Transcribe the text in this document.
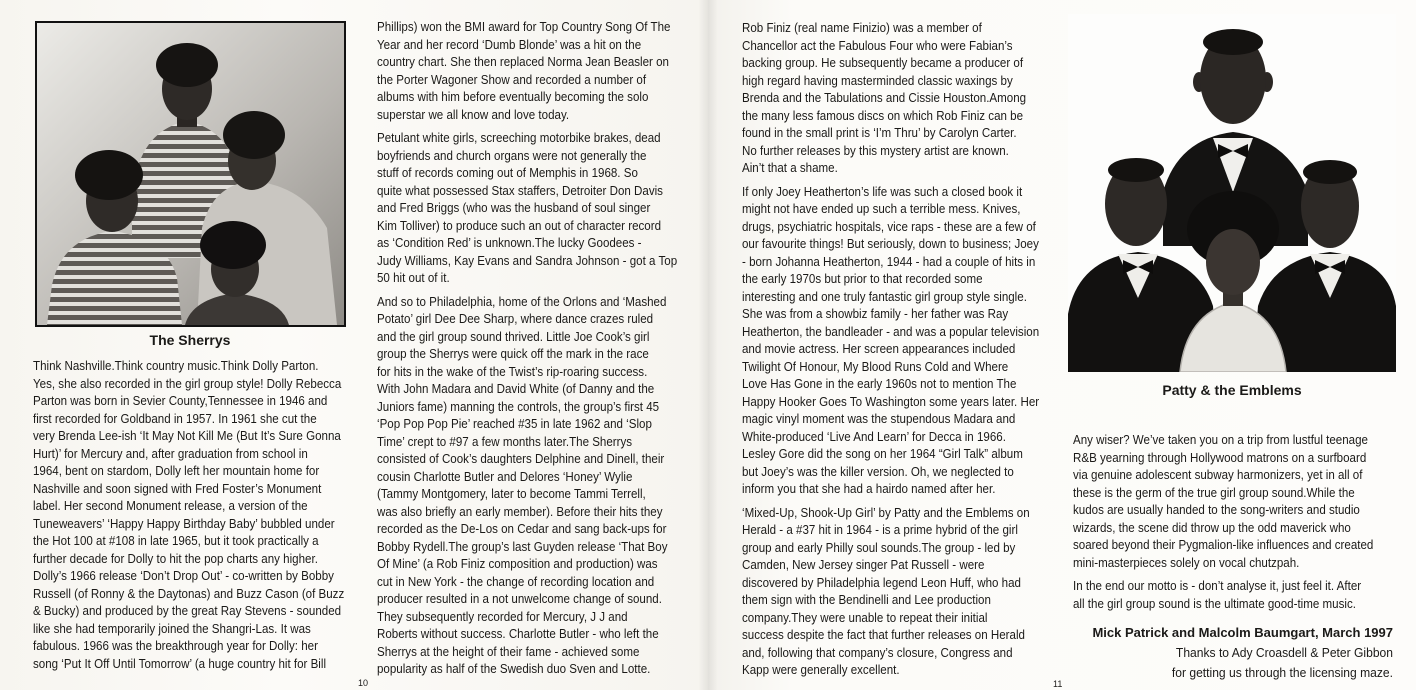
The Sherrys
Think Nashville.Think country music.Think Dolly Parton.
Yes, she also recorded in the girl group style! Dolly Rebecca
Parton was born in Sevier County,Tennessee in 1946 and
first recorded for Goldband in 1957. In 1961 she cut the
very Brenda Lee-ish ‘It May Not Kill Me (But It’s Sure Gonna
Hurt)’ for Mercury and, after graduation from school in
1964, bent on stardom, Dolly left her mountain home for
Nashville and soon signed with Fred Foster’s Monument
label. Her second Monument release, a version of the
Tuneweavers’ ‘Happy Happy Birthday Baby’ bubbled under
the Hot 100 at #108 in late 1965, but it took practically a
further decade for Dolly to hit the pop charts any higher.
Dolly’s 1966 release ‘Don’t Drop Out’ - co-written by Bobby
Russell (of Ronny & the Daytonas) and Buzz Cason (of Buzz
& Bucky) and produced by the great Ray Stevens - sounded
like she had temporarily joined the Shangri-Las. It was
fabulous. 1966 was the breakthrough year for Dolly: her
song ‘Put It Off Until Tomorrow’ (a huge country hit for Bill
Phillips) won the BMI award for Top Country Song Of The
Year and her record ‘Dumb Blonde’ was a hit on the
country chart. She then replaced Norma Jean Beasler on
the Porter Wagoner Show and recorded a number of
albums with him before eventually becoming the solo
superstar we all know and love today.
Petulant white girls, screeching motorbike brakes, dead
boyfriends and church organs were not generally the
stuff of records coming out of Memphis in 1968. So
quite what possessed Stax staffers, Detroiter Don Davis
and Fred Briggs (who was the husband of soul singer
Kim Tolliver) to produce such an out of character record
as ‘Condition Red’ is unknown.The lucky Goodees -
Judy Williams, Kay Evans and Sandra Johnson - got a Top
50 hit out of it.
And so to Philadelphia, home of the Orlons and ‘Mashed
Potato’ girl Dee Dee Sharp, where dance crazes ruled
and the girl group sound thrived. Little Joe Cook’s girl
group the Sherrys were quick off the mark in the race
for hits in the wake of the Twist’s rip-roaring success.
With John Madara and David White (of Danny and the
Juniors fame) manning the controls, the group’s first 45
‘Pop Pop Pop Pie’ reached #35 in late 1962 and ‘Slop
Time’ crept to #97 a few months later.The Sherrys
consisted of Cook’s daughters Delphine and Dinell, their
cousin Charlotte Butler and Delores ‘Honey’ Wylie
(Tammy Montgomery, later to become Tammi Terrell,
was also briefly an early member). Before their hits they
recorded as the De-Los on Cedar and sang back-ups for
Bobby Rydell.The group’s last Guyden release ‘That Boy
Of Mine’ (a Rob Finiz composition and production) was
cut in New York - the change of recording location and
producer resulted in a not unwelcome change of sound.
They subsequently recorded for Mercury, J J and
Roberts without success. Charlotte Butler - who left the
Sherrys at the height of their fame - achieved some
popularity as half of the Swedish duo Sven and Lotte.
Rob Finiz (real name Finizio) was a member of
Chancellor act the Fabulous Four who were Fabian’s
backing group. He subsequently became a producer of
high regard having masterminded classic waxings by
Brenda and the Tabulations and Cissie Houston.Among
the many less famous discs on which Rob Finiz can be
found in the small print is ‘I’m Thru’ by Carolyn Carter.
No further releases by this mystery artist are known.
Ain’t that a shame.
If only Joey Heatherton’s life was such a closed book it
might not have ended up such a terrible mess. Knives,
drugs, psychiatric hospitals, vice raps - these are a few of
our favourite things! But seriously, down to business; Joey
- born Johanna Heatherton, 1944 - had a couple of hits in
the early 1970s but prior to that recorded some
interesting and one truly fantastic girl group style single.
She was from a showbiz family - her father was Ray
Heatherton, the bandleader - and was a popular television
and movie actress. Her screen appearances included
Twilight Of Honour, My Blood Runs Cold and Where
Love Has Gone in the early 1960s not to mention The
Happy Hooker Goes To Washington some years later. Her
magic vinyl moment was the stupendous Madara and
White-produced ‘Live And Learn’ for Decca in 1966.
Lesley Gore did the song on her 1964 “Girl Talk” album
but Joey’s was the killer version. Oh, we neglected to
inform you that she had a hairdo named after her.
‘Mixed-Up, Shook-Up Girl’ by Patty and the Emblems on
Herald - a #37 hit in 1964 - is a prime hybrid of the girl
group and early Philly soul sounds.The group - led by
Camden, New Jersey singer Pat Russell - were
discovered by Philadelphia legend Leon Huff, who had
them sign with the Bendinelli and Lee production
company.They were unable to repeat their initial
success despite the fact that further releases on Herald
and, following that company’s closure, Congress and
Kapp were generally excellent.
Patty & the Emblems
Any wiser? We’ve taken you on a trip from lustful teenage
R&B yearning through Hollywood matrons on a surfboard
via genuine adolescent subway harmonizers, yet in all of
these is the germ of the true girl group sound.While the
kudos are usually handed to the song-writers and studio
wizards, the scene did throw up the odd maverick who
soared beyond their Pygmalion-like influences and created
mini-masterpieces solely on vocal chutzpah.
In the end our motto is - don’t analyse it, just feel it. After
all the girl group sound is the ultimate good-time music.
Mick Patrick and Malcolm Baumgart, March 1997
Thanks to Ady Croasdell & Peter Gibbon
for getting us through the licensing maze.
10	11
